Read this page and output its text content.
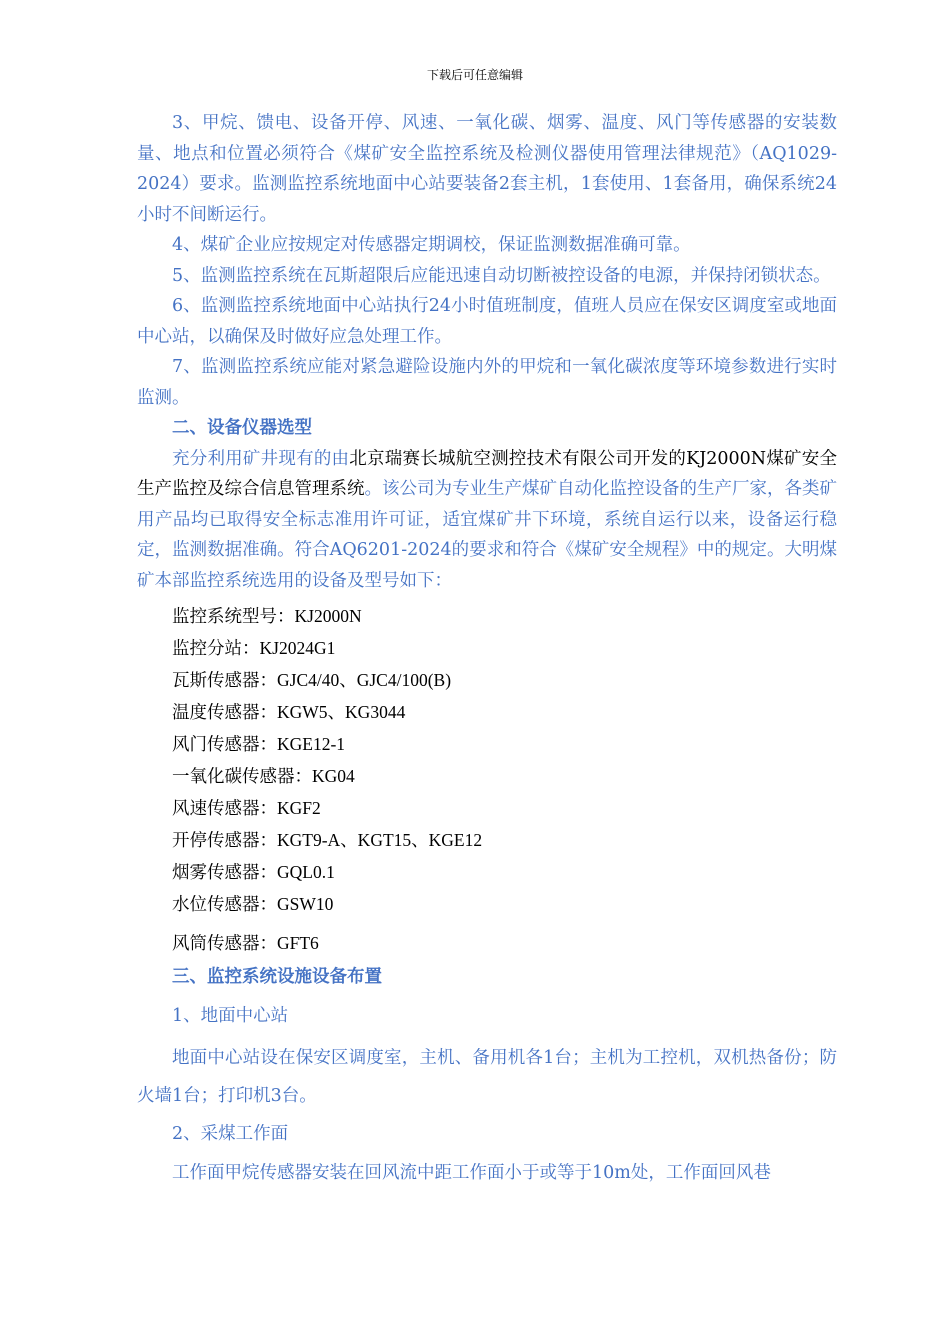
下载后可任意编辑

3、甲烷、馈电、设备开停、风速、一氧化碳、烟雾、温度、风门等传感器的安装数量、地点和位置必须符合《煤矿安全监控系统及检测仪器使用管理法律规范》（AQ1029-2024）要求。监测监控系统地面中心站要装备2套主机，1套使用、1套备用，确保系统24小时不间断运行。

4、煤矿企业应按规定对传感器定期调校，保证监测数据准确可靠。

5、监测监控系统在瓦斯超限后应能迅速自动切断被控设备的电源，并保持闭锁状态。

6、监测监控系统地面中心站执行24小时值班制度，值班人员应在保安区调度室或地面中心站，以确保及时做好应急处理工作。

7、监测监控系统应能对紧急避险设施内外的甲烷和一氧化碳浓度等环境参数进行实时监测。

二、设备仪器选型

充分利用矿井现有的由北京瑞赛长城航空测控技术有限公司开发的KJ2000N煤矿安全生产监控及综合信息管理系统。该公司为专业生产煤矿自动化监控设备的生产厂家，各类矿用产品均已取得安全标志准用许可证，适宜煤矿井下环境，系统自运行以来，设备运行稳定，监测数据准确。符合AQ6201-2024的要求和符合《煤矿安全规程》中的规定。大明煤矿本部监控系统选用的设备及型号如下：

监控系统型号：KJ2000N

监控分站：KJ2024G1

瓦斯传感器：GJC4/40、GJC4/100(B)

温度传感器：KGW5、KG3044

风门传感器：KGE12-1

一氧化碳传感器：KG04

风速传感器：KGF2

开停传感器：KGT9-A、KGT15、KGE12

烟雾传感器：GQL0.1

水位传感器：GSW10

风筒传感器：GFT6

三、监控系统设施设备布置

1、地面中心站

地面中心站设在保安区调度室，主机、备用机各1台；主机为工控机，双机热备份；防火墙1台；打印机3台。

2、采煤工作面

工作面甲烷传感器安装在回风流中距工作面小于或等于10m处，工作面回风巷
